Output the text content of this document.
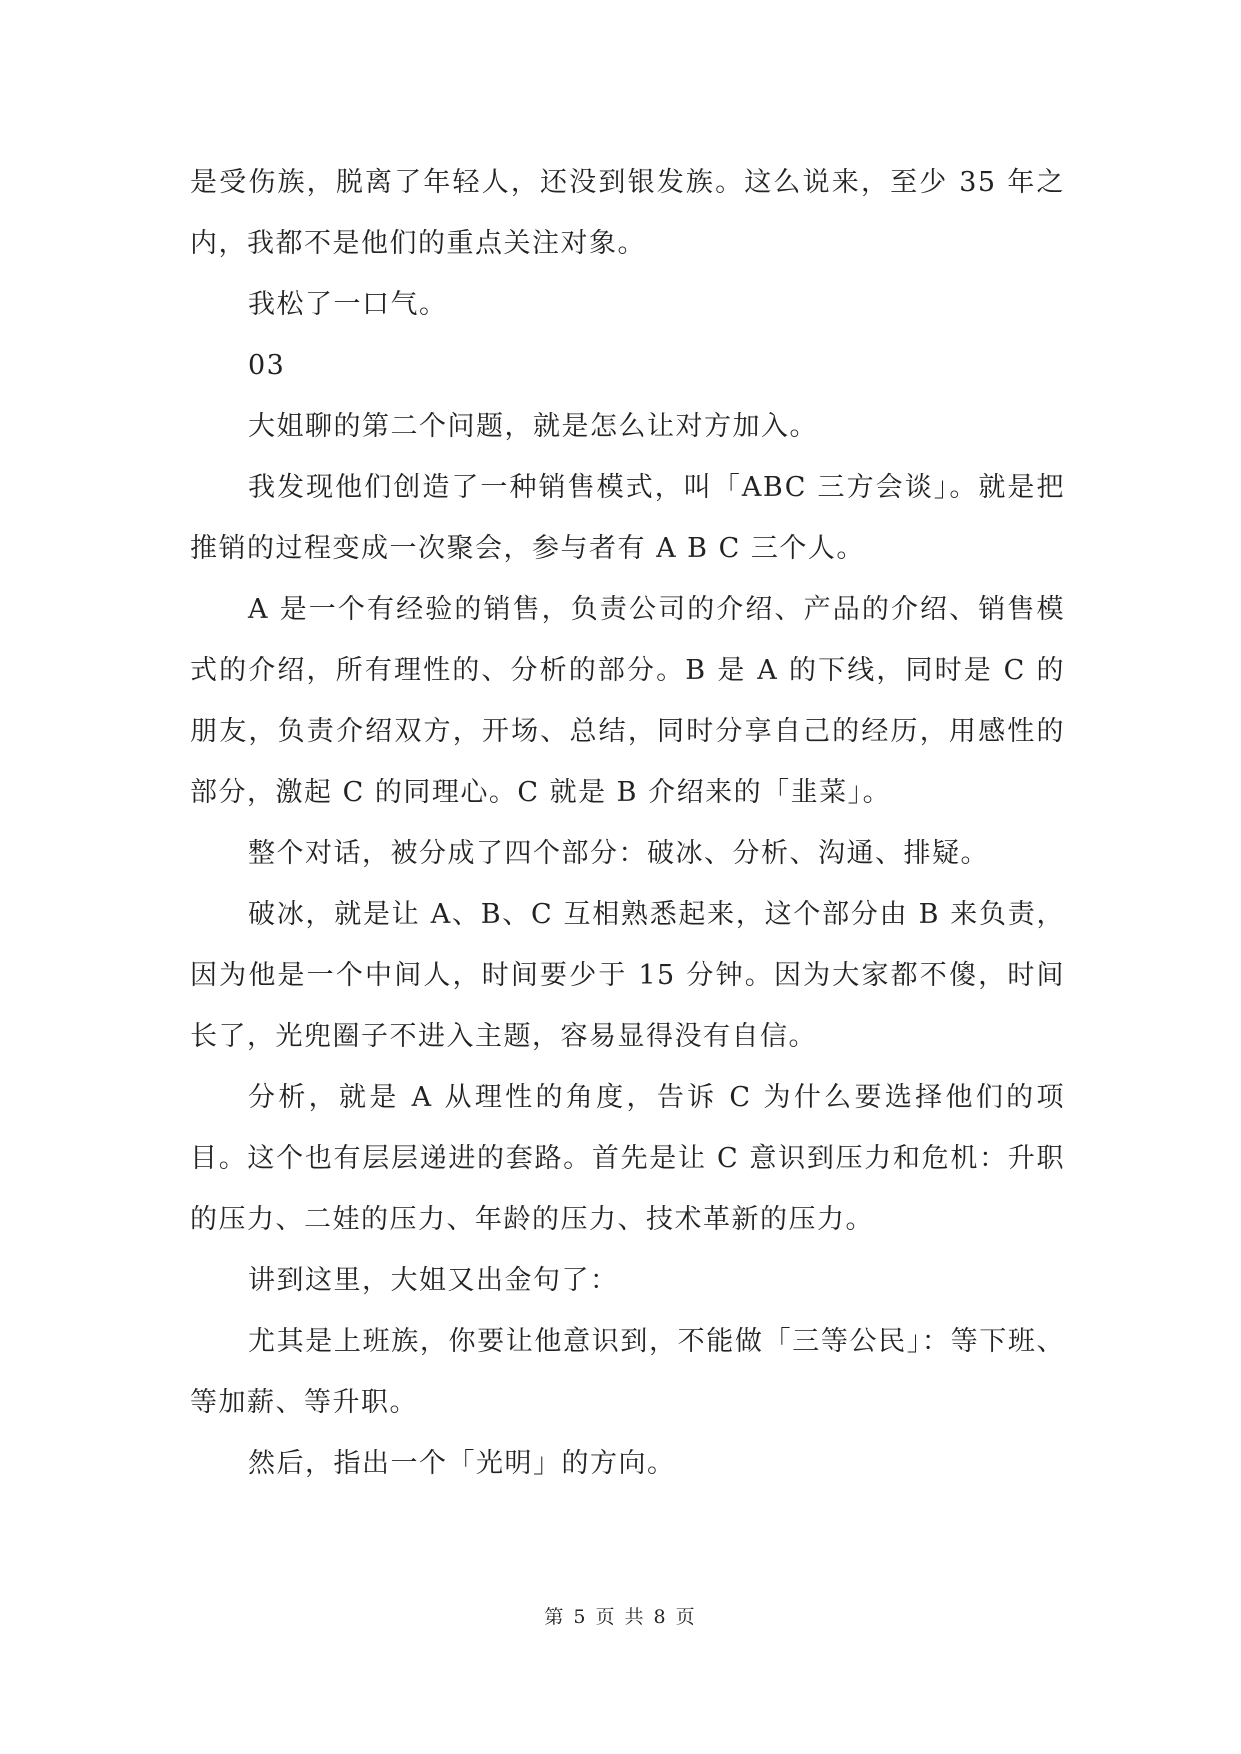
是受伤族，脱离了年轻人，还没到银发族。这么说来，至少 35 年之内，我都不是他们的重点关注对象。

我松了一口气。

03

大姐聊的第二个问题，就是怎么让对方加入。

我发现他们创造了一种销售模式，叫「ABC 三方会谈」。就是把推销的过程变成一次聚会，参与者有 A B C 三个人。

A 是一个有经验的销售，负责公司的介绍、产品的介绍、销售模式的介绍，所有理性的、分析的部分。B 是 A 的下线，同时是 C 的朋友，负责介绍双方，开场、总结，同时分享自己的经历，用感性的部分，激起 C 的同理心。C 就是 B 介绍来的「韭菜」。

整个对话，被分成了四个部分：破冰、分析、沟通、排疑。

破冰，就是让 A、B、C 互相熟悉起来，这个部分由 B 来负责，因为他是一个中间人，时间要少于 15 分钟。因为大家都不傻，时间长了，光兜圈子不进入主题，容易显得没有自信。

分析，就是 A 从理性的角度，告诉 C 为什么要选择他们的项目。这个也有层层递进的套路。首先是让 C 意识到压力和危机：升职的压力、二娃的压力、年龄的压力、技术革新的压力。

讲到这里，大姐又出金句了：

尤其是上班族，你要让他意识到，不能做「三等公民」：等下班、等加薪、等升职。

然后，指出一个「光明」的方向。

第 5 页 共 8 页
